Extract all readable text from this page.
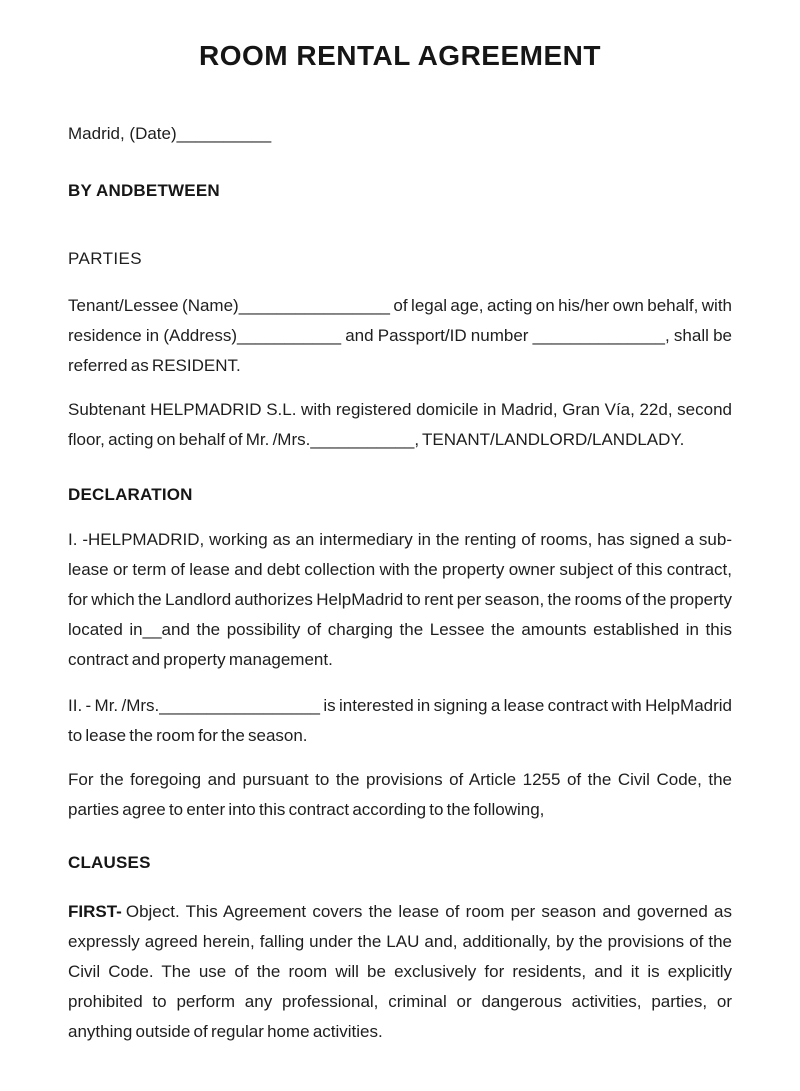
ROOM RENTAL AGREEMENT
Madrid, (Date)__________
BY ANDBETWEEN
PARTIES

Tenant/Lessee (Name)________________ of legal age, acting on his/her own behalf, with residence in (Address)___________ and Passport/ID number ______________, shall be referred as RESIDENT.

Subtenant HELPMADRID S.L. with registered domicile in Madrid, Gran Vía, 22d, second floor, acting on behalf of Mr. /Mrs.___________, TENANT/LANDLORD/LANDLADY.

DECLARATION

I. -HELPMADRID, working as an intermediary in the renting of rooms, has signed a sub-lease or term of lease and debt collection with the property owner subject of this contract, for which the Landlord authorizes HelpMadrid to rent per season, the rooms of the property located in__and the possibility of charging the Lessee the amounts established in this contract and property management.

II. - Mr. /Mrs._________________ is interested in signing a lease contract with HelpMadrid to lease the room for the season.

For the foregoing and pursuant to the provisions of Article 1255 of the Civil Code, the parties agree to enter into this contract according to the following,

CLAUSES

FIRST- Object. This Agreement covers the lease of room per season and governed as expressly agreed herein, falling under the LAU and, additionally, by the provisions of the Civil Code. The use of the room will be exclusively for residents, and it is explicitly prohibited to perform any professional, criminal or dangerous activities, parties, or anything outside of regular home activities.
